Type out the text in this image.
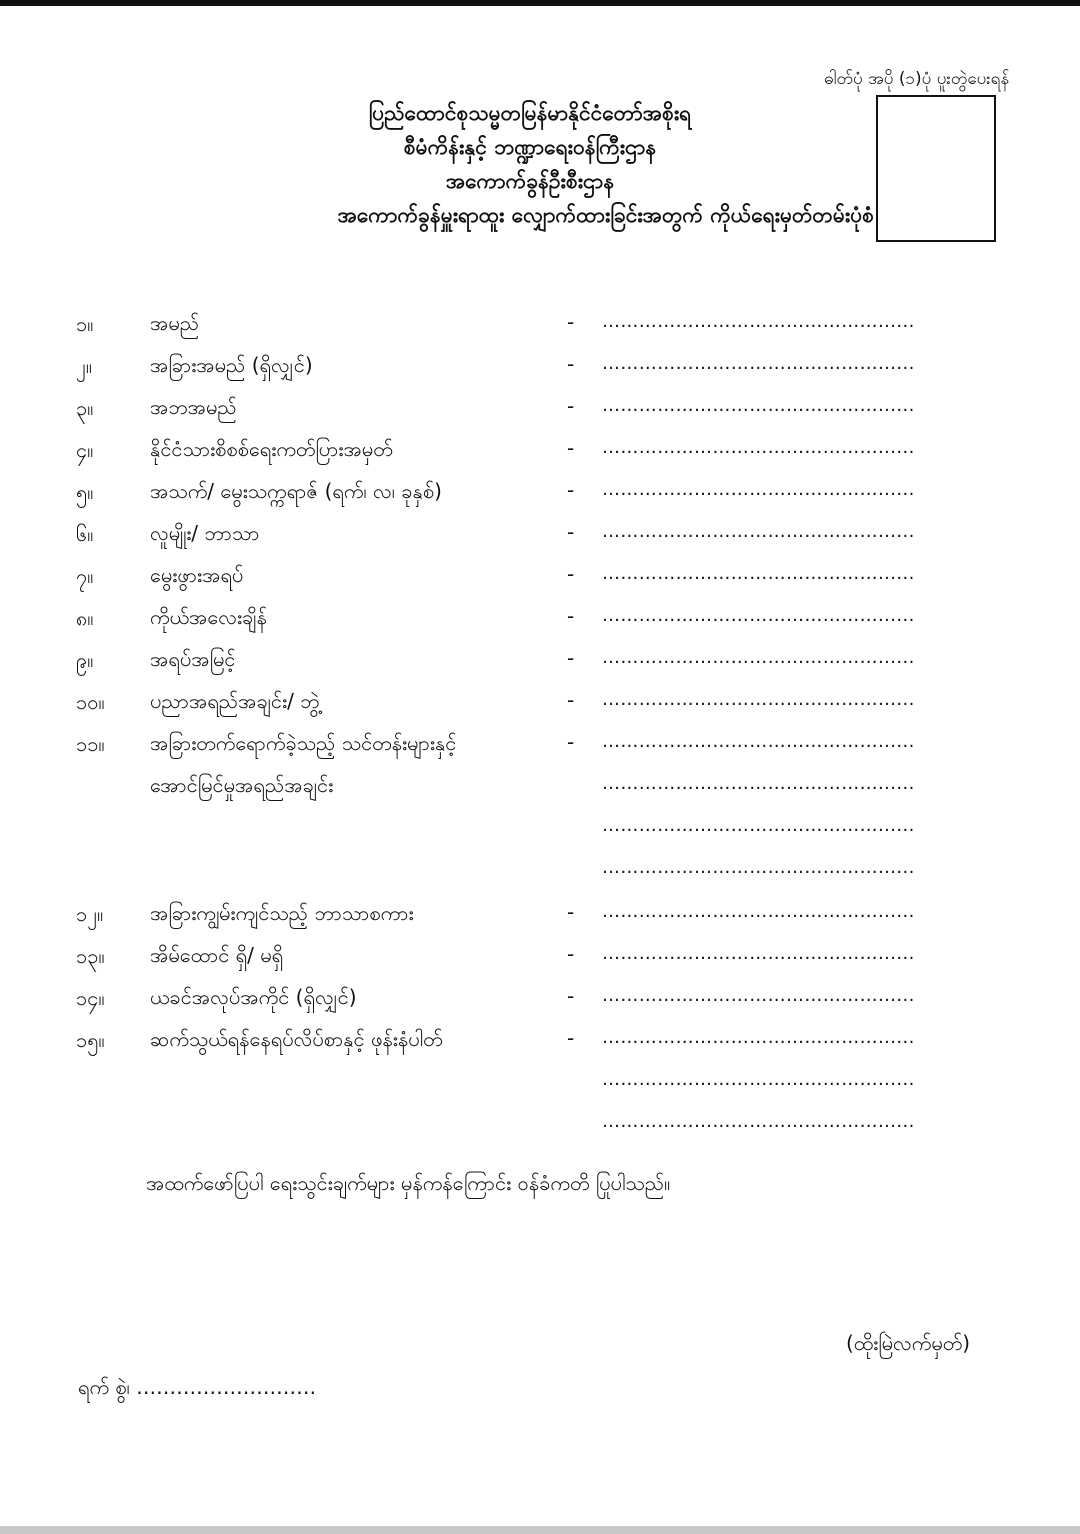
ဓါတ်ပုံ အပို (၁)ပုံ ပူးတွဲပေးရန်
ပြည်ထောင်စုသမ္မတမြန်မာနိုင်ငံတော်အစိုးရ
စီမံကိန်းနှင့် ဘဏ္ဍာရေးဝန်ကြီးဌာန
အကောက်ခွန်ဦးစီးဌာန
အကောက်ခွန်မှူးရာထူး လျှောက်ထားခြင်းအတွက် ကိုယ်ရေးမှတ်တမ်းပုံစံ
၁။	အမည်	- ………………………………………......
၂။	အခြားအမည် (ရှိလျှင်)	- ………………………………………......
၃။	အဘအမည်	- ………………………………………......
၄။	နိုင်ငံသားစိစစ်ရေးကတ်ပြားအမှတ်	- ………………………………………......
၅။	အသက်/ မွေးသက္ကရာဇ် (ရက်၊ လ၊ ခုနှစ်)	- ………………………………………......
၆။	လူမျိုး/ ဘာသာ	- ………………………………………......
၇။	မွေးဖွားအရပ်	- ………………………………………......
၈။	ကိုယ်အလေးချိန်	- ………………………………………......
၉။	အရပ်အမြင့်	- ………………………………………......
၁၀။ ပညာအရည်အချင်း/ ဘွဲ့	- ………………………………………......
၁၁။ အခြားတက်ရောက်ခဲ့သည့် သင်တန်းများနှင့်	- ………………………………………......
အောင်မြင်မှုအရည်အချင်း	………………………………………......
………………………………………......
………………………………………......
၁၂။ အခြားကျွမ်းကျင်သည့် ဘာသာစကား	- ………………………………………......
၁၃။ အိမ်ထောင် ရှိ/ မရှိ	- ………………………………………......
၁၄။ ယခင်အလုပ်အကိုင် (ရှိလျှင်)	- ………………………………………......
၁၅။ ဆက်သွယ်ရန်နေရပ်လိပ်စာနှင့် ဖုန်းနံပါတ်	- ………………………………………......
………………………………………......
………………………………………......
အထက်ဖော်ပြပါ ရေးသွင်းချက်များ မှန်ကန်ကြောင်း ဝန်ခံကတိ ပြုပါသည်။
(ထိုးမြဲလက်မှတ်)
ရက် စွဲ၊ ………………………
